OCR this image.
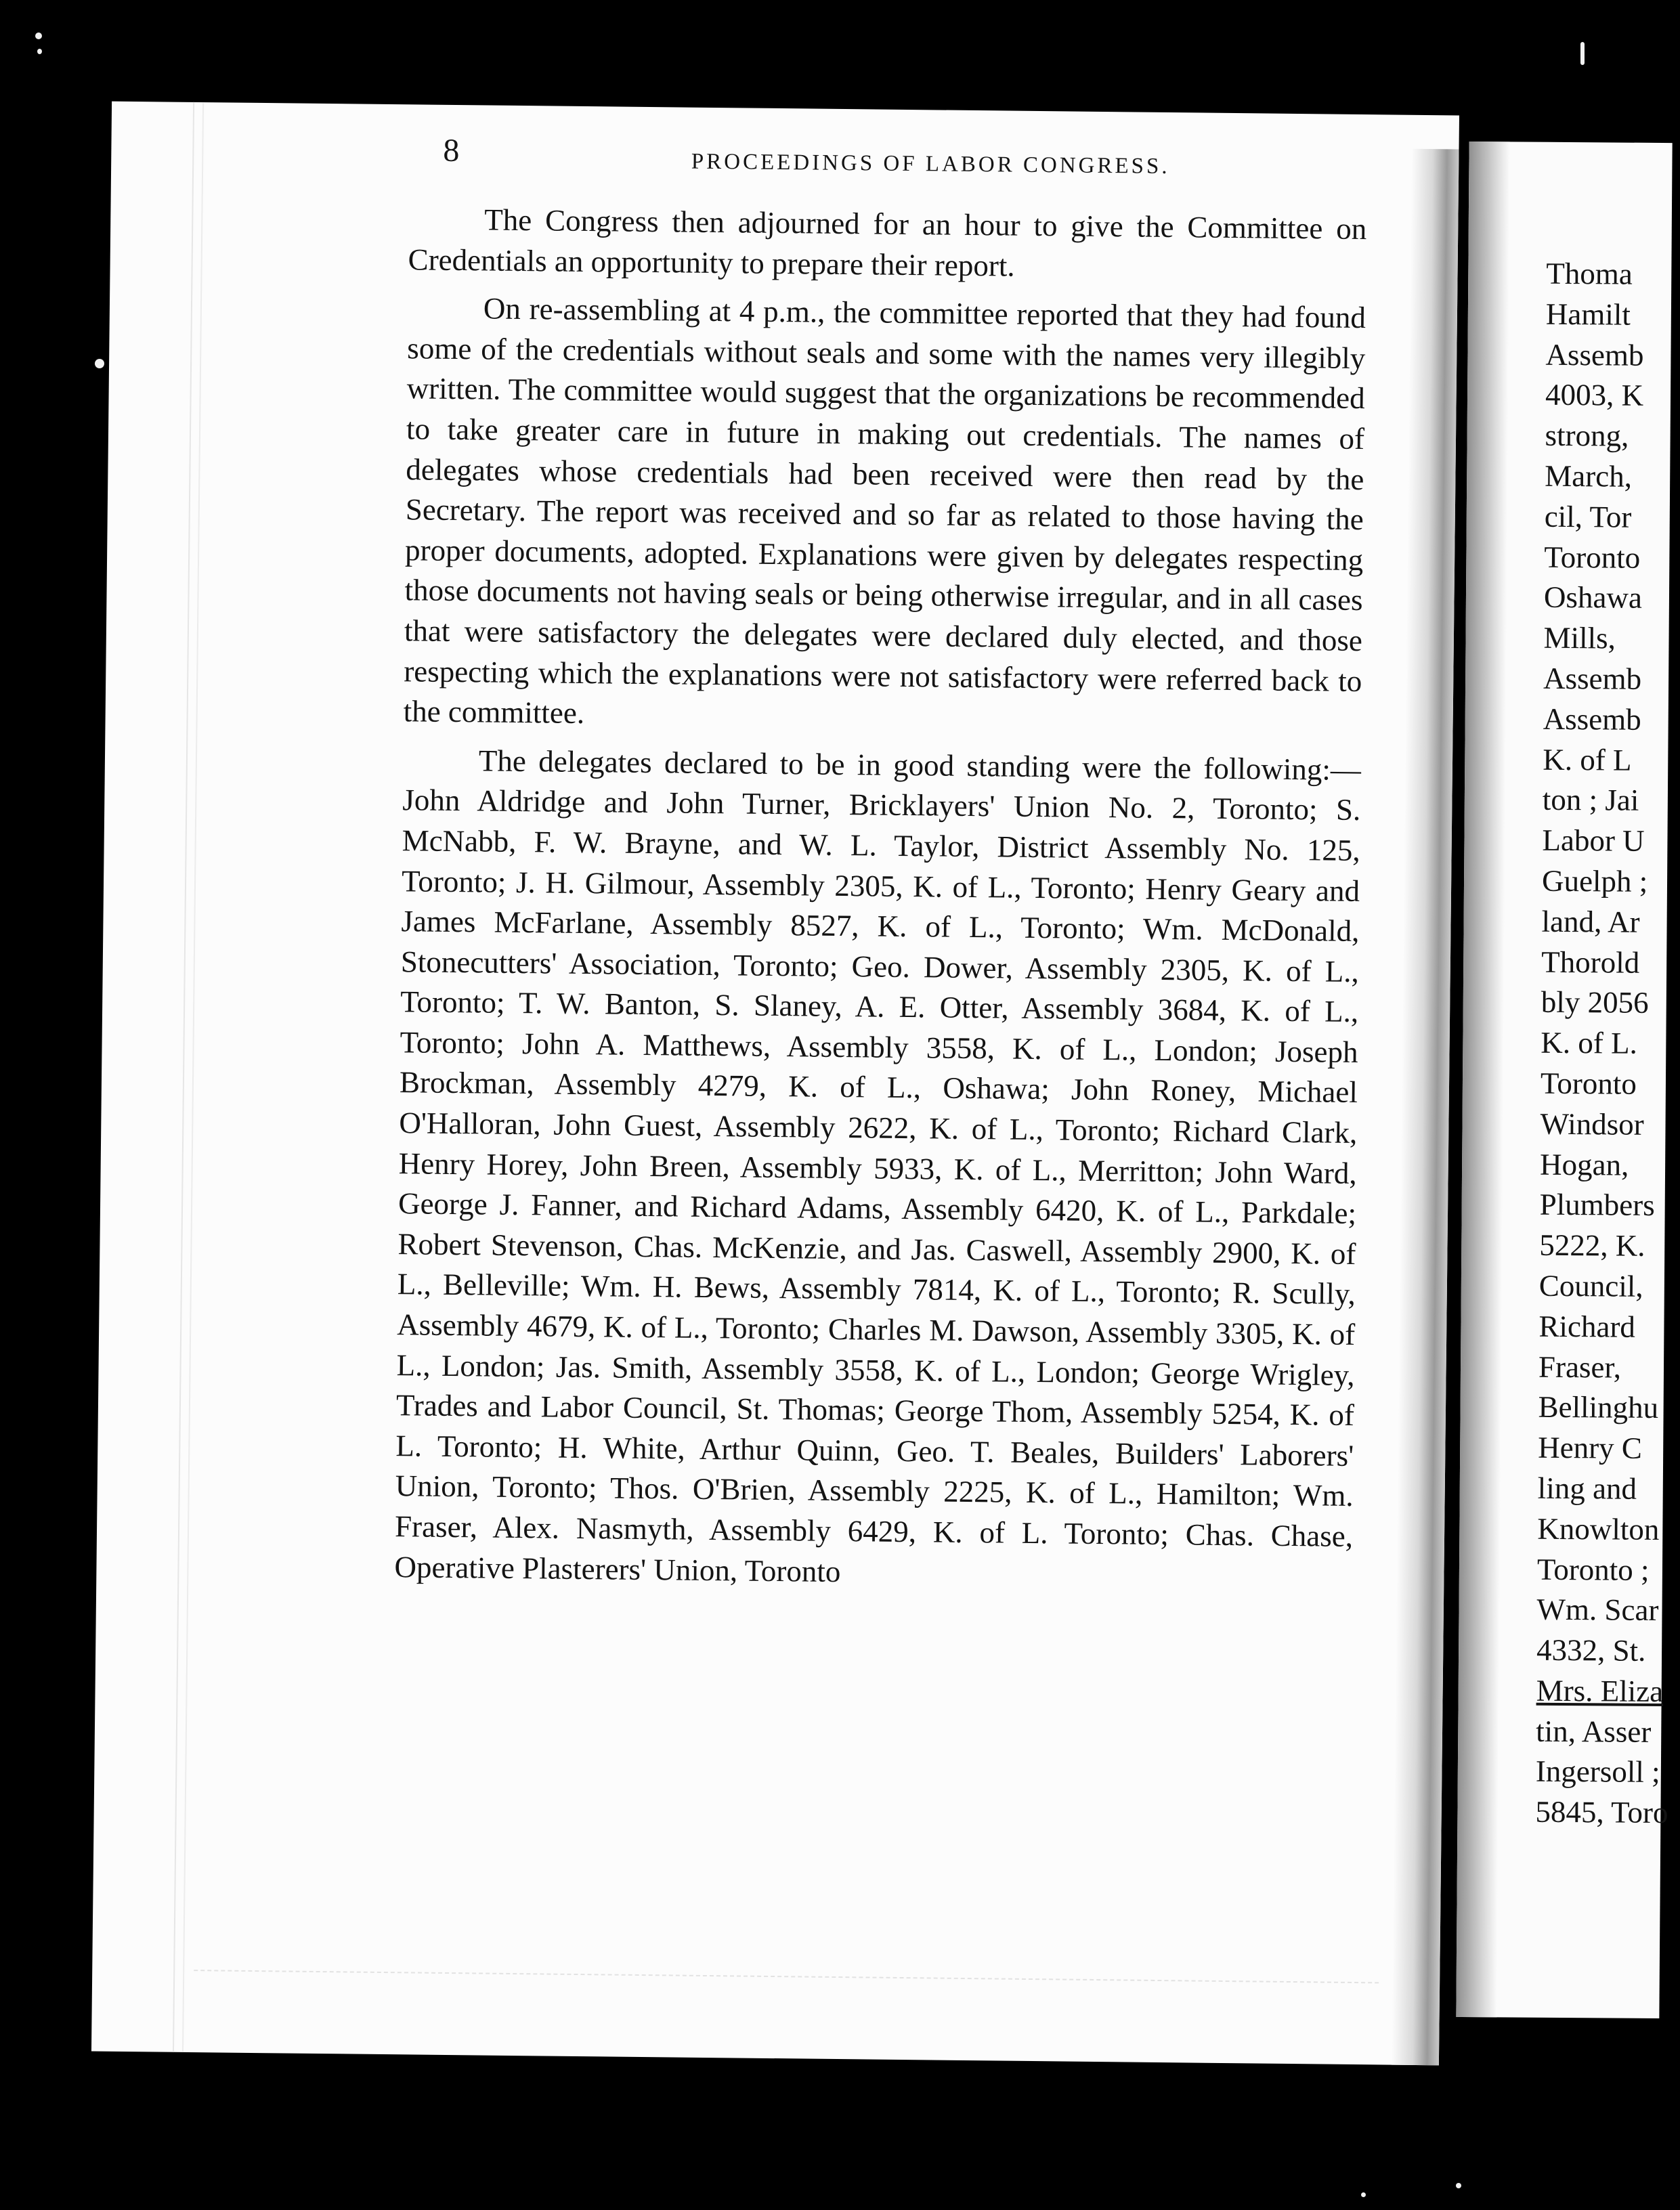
8	PROCEEDINGS OF LABOR CONGRESS.

The Congress then adjourned for an hour to give the Committee on Credentials an opportunity to prepare their report.

On re-assembling at 4 p.m., the committee reported that they had found some of the credentials without seals and some with the names very illegibly written. The committee would suggest that the organizations be recommended to take greater care in future in making out credentials. The names of delegates whose credentials had been received were then read by the Secretary. The report was received and so far as related to those having the proper documents, adopted. Explanations were given by delegates respecting those documents not having seals or being otherwise irregular, and in all cases that were satisfactory the delegates were declared duly elected, and those respecting which the explanations were not satisfactory were referred back to the committee.

The delegates declared to be in good standing were the following:—John Aldridge and John Turner, Bricklayers' Union No. 2, Toronto; S. McNabb, F. W. Brayne, and W. L. Taylor, District Assembly No. 125, Toronto; J. H. Gilmour, Assembly 2305, K. of L., Toronto; Henry Geary and James McFarlane, Assembly 8527, K. of L., Toronto; Wm. McDonald, Stonecutters' Association, Toronto; Geo. Dower, Assembly 2305, K. of L., Toronto; T. W. Banton, S. Slaney, A. E. Otter, Assembly 3684, K. of L., Toronto; John A. Matthews, Assembly 3558, K. of L., London; Joseph Brockman, Assembly 4279, K. of L., Oshawa; John Roney, Michael O'Halloran, John Guest, Assembly 2622, K. of L., Toronto; Richard Clark, Henry Horey, John Breen, Assembly 5933, K. of L., Merritton; John Ward, George J. Fanner, and Richard Adams, Assembly 6420, K. of L., Parkdale; Robert Stevenson, Chas. McKenzie, and Jas. Caswell, Assembly 2900, K. of L., Belleville; Wm. H. Bews, Assembly 7814, K. of L., Toronto; R. Scully, Assembly 4679, K. of L., Toronto; Charles M. Dawson, Assembly 3305, K. of L., London; Jas. Smith, Assembly 3558, K. of L., London; George Wrigley, Trades and Labor Council, St. Thomas; George Thom, Assembly 5254, K. of L. Toronto; H. White, Arthur Quinn, Geo. T. Beales, Builders' Laborers' Union, Toronto; Thos. O'Brien, Assembly 2225, K. of L., Hamilton; Wm. Fraser, Alex. Nasmyth, Assembly 6429, K. of L. Toronto; Chas. Chase, Operative Plasterers' Union, Toronto

Thoma
Hamilt
Assemb
4003, K
strong,
March,
cil, Tor
Toronto
Oshawa
Mills,
Assemb
Assemb
K. of L
ton ; Jai
Labor U
Guelph ;
land, Ar
Thorold
bly 2056
K. of L.
Toronto
Windsor
Hogan,
Plumbers
5222, K.
Council,
Richard
Fraser,
Bellinghu
Henry C
ling and
Knowlton
Toronto ;
Wm. Scar
4332, St.
Mrs. Eliza
tin, Asser
Ingersoll ;
5845, Toro
